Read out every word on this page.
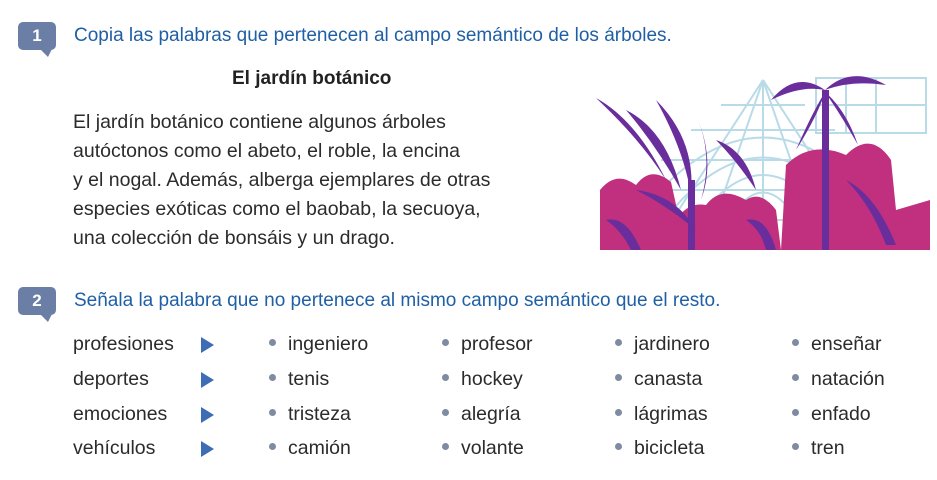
1 Copia las palabras que pertenecen al campo semántico de los árboles.
El jardín botánico
El jardín botánico contiene algunos árboles
autóctonos como el abeto, el roble, la encina
y el nogal. Además, alberga ejemplares de otras
especies exóticas como el baobab, la secuoya,
una colección de bonsáis y un drago.
2 Señala la palabra que no pertenece al mismo campo semántico que el resto.
profesiones	ingeniero	profesor	jardinero	enseñar
deportes	tenis	hockey	canasta	natación
emociones	tristeza	alegría	lágrimas	enfado
vehículos	camión	volante	bicicleta	tren
